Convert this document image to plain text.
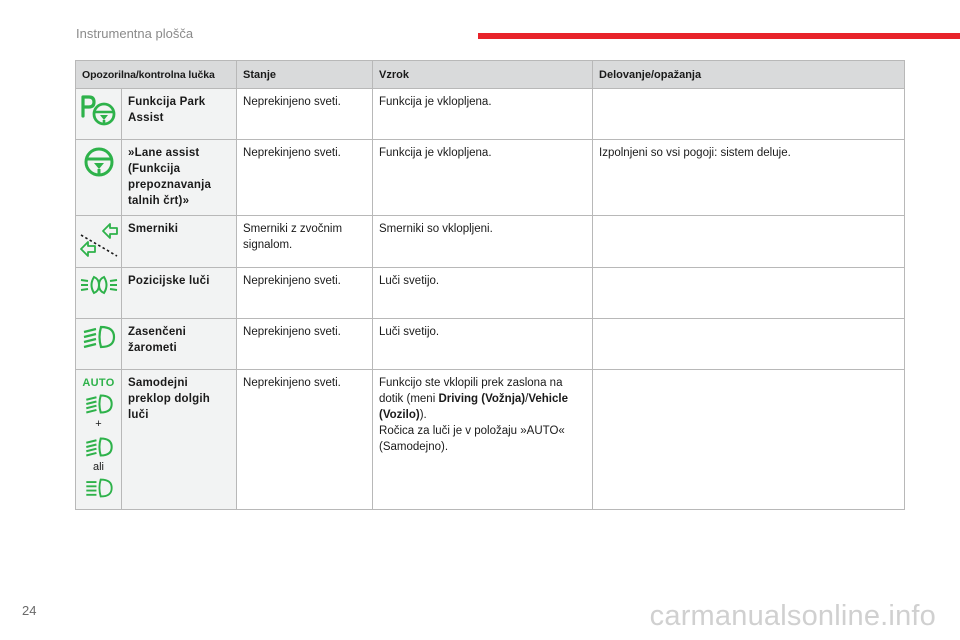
Instrumentna plošča
Opozorilna/kontrolna lučka		Stanje	Vzrok	Delovanje/opažanja

	Funkcija Park Assist	Neprekinjeno sveti.	Funkcija je vklopljena.	

	»Lane assist (Funkcija prepoznavanja talnih črt)»	Neprekinjeno sveti.	Funkcija je vklopljena.	Izpolnjeni so vsi pogoji: sistem deluje.

	Smerniki	Smerniki z zvočnim signalom.	Smerniki so vklopljeni.	

	Pozicijske luči	Neprekinjeno sveti.	Luči svetijo.	

	Zasenčeni žarometi	Neprekinjeno sveti.	Luči svetijo.	

AUTO
+
ali	Samodejni preklop dolgih luči	Neprekinjeno sveti.	Funkcijo ste vklopili prek zaslona na dotik (meni Driving (Vožnja)/Vehicle (Vozilo)).
Ročica za luči je v položaju »AUTO« (Samodejno).	
24	carmanualsonline.info
